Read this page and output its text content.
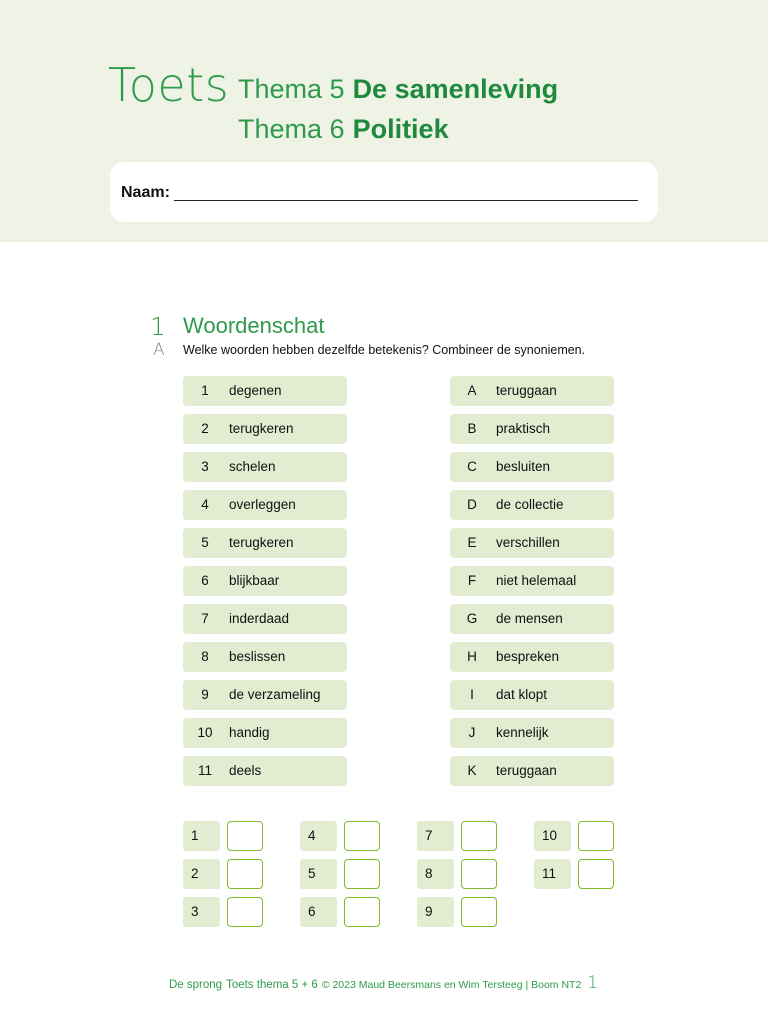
Toets Thema 5 De samenleving
Thema 6 Politiek
Naam:
1
A
Woordenschat
Welke woorden hebben dezelfde betekenis? Combineer de synoniemen.
1	degenen
2	terugkeren
3	schelen
4	overleggen
5	terugkeren
6	blijkbaar
7	inderdaad
8	beslissen
9	de verzameling
10	handig
11	deels
A	teruggaan
B	praktisch
C	besluiten
D	de collectie
E	verschillen
F	niet helemaal
G	de mensen
H	bespreken
I	dat klopt
J	kennelijk
K	teruggaan
1
2
3
4
5
6
7
8
9
10
11
De sprong Toets thema 5 + 6 © 2023 Maud Beersmans en Wim Tersteeg | Boom NT2 1
